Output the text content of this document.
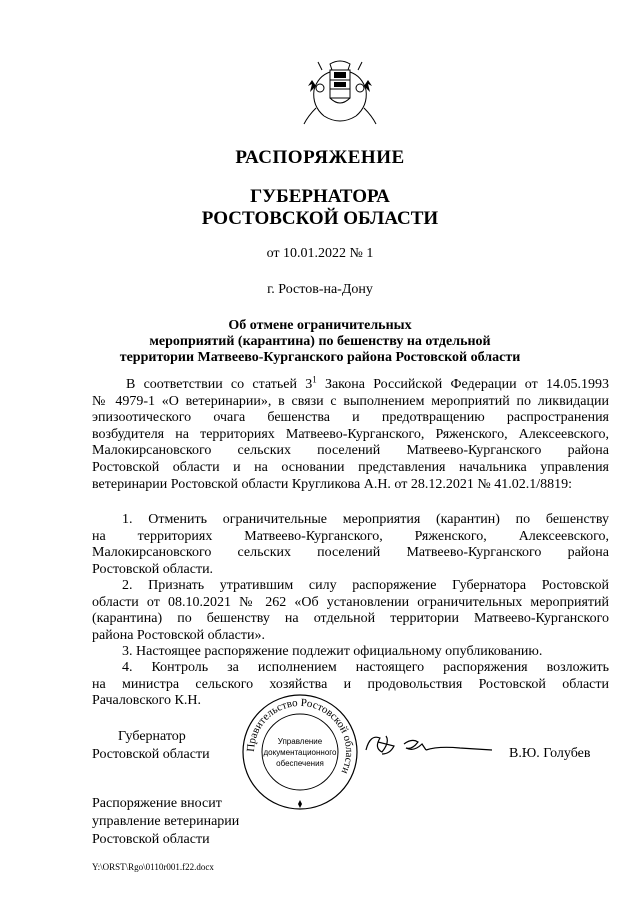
РАСПОРЯЖЕНИЕ
ГУБЕРНАТОРА
РОСТОВСКОЙ ОБЛАСТИ
от 10.01.2022 № 1
г. Ростов-на-Дону
Об отмене ограничительных
мероприятий (карантина) по бешенству на отдельной
территории Матвеево-Курганского района Ростовской области
В соответствии со статьей $3^1$ Закона Российской Федерации от 14.05.1993
№ 4979-1 «О ветеринарии», в связи с выполнением мероприятий по ликвидации
эпизоотического очага бешенства и предотвращению распространения
возбудителя на территориях Матвеево-Курганского, Ряженского, Алексеевского,
Малокирсановского сельских поселений Матвеево-Курганского района
Ростовской области и на основании представления начальника управления
ветеринарии Ростовской области Кругликова А.Н. от 28.12.2021 № 41.02.1/8819:
1. Отменить ограничительные мероприятия (карантин) по бешенству
на территориях Матвеево-Курганского, Ряженского, Алексеевского,
Малокирсановского сельских поселений Матвеево-Курганского района
Ростовской области.
2. Признать утратившим силу распоряжение Губернатора Ростовской
области от 08.10.2021 № 262 «Об установлении ограничительных мероприятий
(карантина) по бешенству на отдельной территории Матвеево-Курганского
района Ростовской области».
3. Настоящее распоряжение подлежит официальному опубликованию.
4. Контроль за исполнением настоящего распоряжения возложить
на министра сельского хозяйства и продовольствия Ростовской области
Рачаловского К.Н.
Губернатор
Ростовской области	Правительство Ростовской области
Управление
документационного
обеспечения
В.Ю. Голубев
Распоряжение вносит
управление ветеринарии
Ростовской области
Y:\ORST\Rgo\0110r001.f22.docx
